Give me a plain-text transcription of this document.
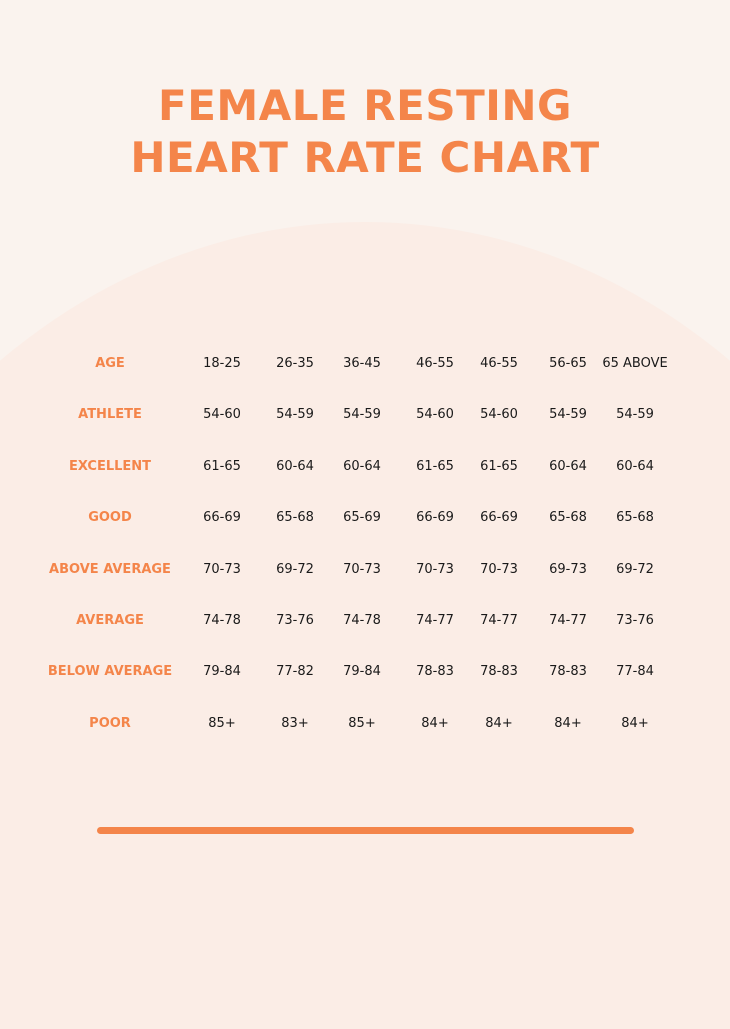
FEMALE RESTING
HEART RATE CHART
AGE	18-25	26-35 36-45	46-55 46-55 56-65 65 ABOVE
ATHLETE	54-60	54-59 54-59	54-60 54-60 54-59 54-59
EXCELLENT	61-65	60-64 60-64	61-65 61-65 60-64 60-64
GOOD	66-69	65-68 65-69	66-69 66-69 65-68 65-68
ABOVE AVERAGE 70-73	69-72 70-73	70-73 70-73 69-73 69-72
AVERAGE	74-78	73-76 74-78	74-77 74-77 74-77 73-76
BELOW AVERAGE 79-84	77-82 79-84	78-83 78-83 78-83 77-84
POOR	85+	83+	85+	84+	84+	84+	84+
